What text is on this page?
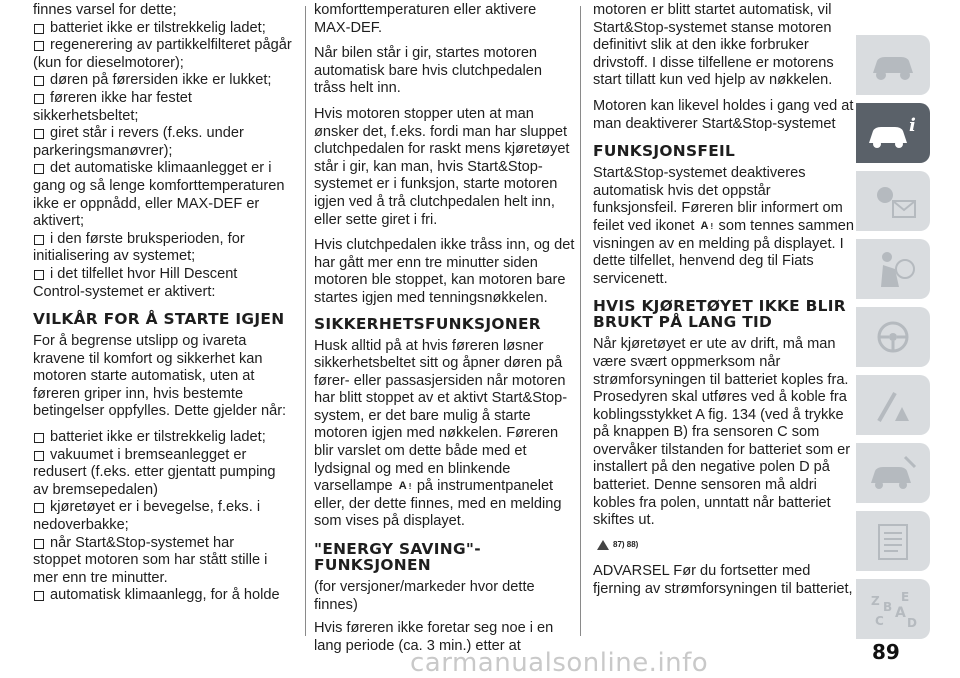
finnes varsel for dette;

batteriet ikke er tilstrekkelig ladet;
regenerering av partikkelfilteret pågår
(kun for dieselmotorer);
døren på førersiden ikke er lukket;
føreren ikke har festet
sikkerhetsbeltet;
giret står i revers (f.eks. under
parkeringsmanøvrer);
det automatiske klimaanlegget er i
gang og så lenge komforttemperaturen
ikke er oppnådd, eller MAX-DEF er
aktivert;
i den første bruksperioden, for
initialisering av systemet;
i det tilfellet hvor Hill Descent
Control-systemet er aktivert:
VILKÅR FOR Å STARTE IGJEN

For å begrense utslipp og ivareta kravene til komfort og sikkerhet kan motoren starte automatisk, uten at føreren griper inn, hvis bestemte betingelser oppfylles. Dette gjelder når:

batteriet ikke er tilstrekkelig ladet;
vakuumet i bremseanlegget er
redusert (f.eks. etter gjentatt pumping
av bremsepedalen)
kjøretøyet er i bevegelse, f.eks. i
nedoverbakke;
når Start&Stop-systemet har
stoppet motoren som har stått stille i
mer enn tre minutter.
automatisk klimaanlegg, for å holde

komforttemperaturen eller aktivere MAX-DEF.

Når bilen står i gir, startes motoren automatisk bare hvis clutchpedalen tråss helt inn.

Hvis motoren stopper uten at man ønsker det, f.eks. fordi man har sluppet clutchpedalen for raskt mens kjøretøyet står i gir, kan man, hvis Start&Stop-systemet er i funksjon, starte motoren igjen ved å trå clutchpedalen helt inn, eller sette giret i fri.

Hvis clutchpedalen ikke tråss inn, og det har gått mer enn tre minutter siden motoren ble stoppet, kan motoren bare startes igjen med tenningsnøkkelen.

SIKKERHETSFUNKSJONER

Husk alltid på at hvis føreren løsner sikkerhetsbeltet sitt og åpner døren på fører- eller passasjersiden når motoren har blitt stoppet av et aktivt Start&Stop-system, er det bare mulig å starte motoren igjen med nøkkelen. Føreren blir varslet om dette både med et lydsignal og med en blinkende varsellampe A ! på instrumentpanelet eller, der dette finnes, med en melding som vises på displayet.

"ENERGY SAVING"-FUNKSJONEN

(for versjoner/markeder hvor dette finnes)

Hvis føreren ikke foretar seg noe i en lang periode (ca. 3 min.) etter at

motoren er blitt startet automatisk, vil Start&Stop-systemet stanse motoren definitivt slik at den ikke forbruker drivstoff. I disse tilfellene er motorens start tillatt kun ved hjelp av nøkkelen.

Motoren kan likevel holdes i gang ved at man deaktiverer Start&Stop-systemet

FUNKSJONSFEIL

Start&Stop-systemet deaktiveres automatisk hvis det oppstår funksjonsfeil. Føreren blir informert om feilet ved ikonet A ! som tennes sammen visningen av en melding på displayet. I dette tilfellet, henvend deg til Fiats servicenett.

HVIS KJØRETØYET IKKE BLIR BRUKT PÅ LANG TID

Når kjøretøyet er ute av drift, må man være svært oppmerksom når strømforsyningen til batteriet koples fra. Prosedyren skal utføres ved å koble fra koblingsstykket A fig. 134 (ved å trykke på knappen B) fra sensoren C som overvåker tilstanden for batteriet som er installert på den negative polen D på batteriet. Denne sensoren må aldri kobles fra polen, unntatt når batteriet skiftes ut.

87) 88)

ADVARSEL Før du fortsetter med fjerning av strømforsyningen til batteriet,

i
Z B
E
A
C D
89
carmanualsonline.info
